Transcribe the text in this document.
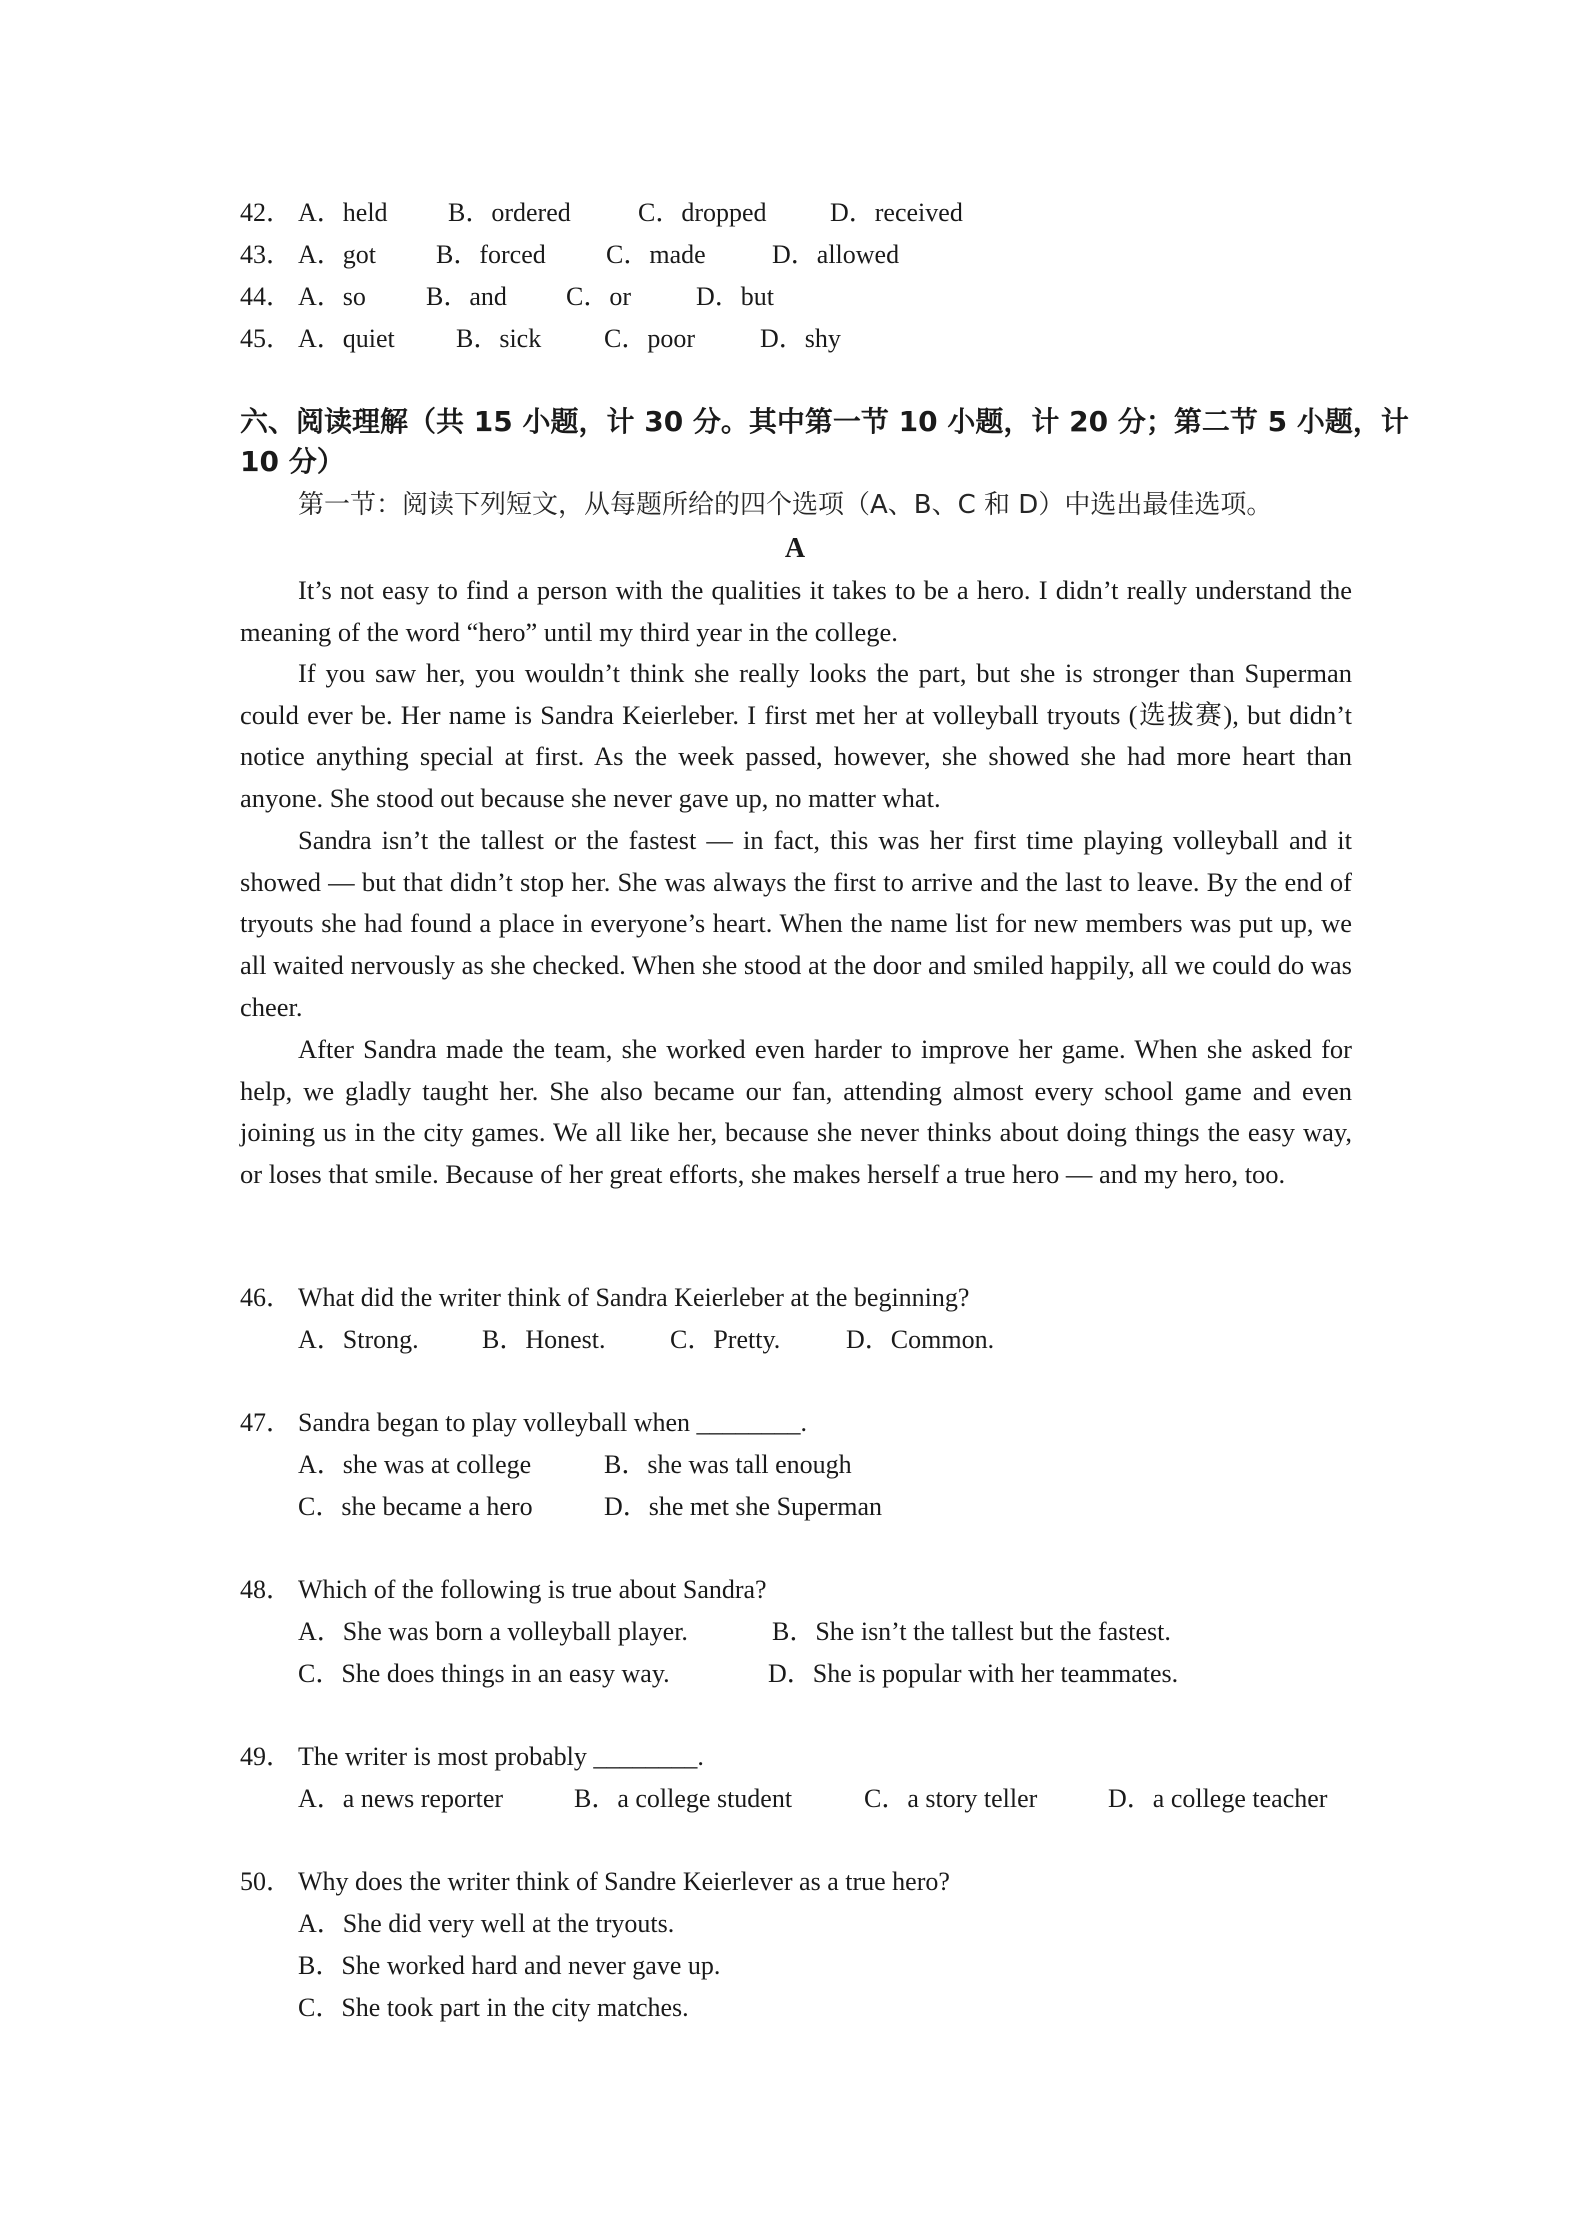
42． A．held B．ordered	C．dropped D．received
43． A．got B．forced C．made	D．allowed
44． A．so B．and C．or D．but
45． A．quiet B．sick C．poor D．shy
六、阅读理解（共 15 小题，计 30 分。其中第一节 10 小题，计 20 分；第二节 5 小题，计
10 分）
第一节：阅读下列短文，从每题所给的四个选项（A、B、C 和 D）中选出最佳选项。
A

It’s not easy to find a person with the qualities it takes to be a hero. I didn’t really understand the meaning of the word “hero” until my third year in the college.

If you saw her, you wouldn’t think she really looks the part, but she is stronger than Superman could ever be. Her name is Sandra Keierleber. I first met her at volleyball tryouts (选拔赛), but didn’t notice anything special at first. As the week passed, however, she showed she had more heart than anyone. She stood out because she never gave up, no matter what.

Sandra isn’t the tallest or the fastest — in fact, this was her first time playing volleyball and it showed — but that didn’t stop her. She was always the first to arrive and the last to leave. By the end of tryouts she had found a place in everyone’s heart. When the name list for new members was put up, we all waited nervously as she checked. When she stood at the door and smiled happily, all we could do was cheer.

After Sandra made the team, she worked even harder to improve her game. When she asked for help, we gladly taught her. She also became our fan, attending almost every school game and even joining us in the city games. We all like her, because she never thinks about doing things the easy way, or loses that smile. Because of her great efforts, she makes herself a true hero — and my hero, too.

46． What did the writer think of Sandra Keierleber at the beginning?
A．Strong. B．Honest. C．Pretty.	D．Common.
47． Sandra began to play volleyball when ________.
A．she was at college	B．she was tall enough
C．she became a hero	D．she met she Superman
48． Which of the following is true about Sandra?
A．She was born a volleyball player.	B．She isn’t the tallest but the fastest.
C．She does things in an easy way.	D．She is popular with her teammates.
49． The writer is most probably ________.
A．a news reporter	B．a college student	C．a story teller	D．a college teacher
50． Why does the writer think of Sandre Keierlever as a true hero?
A．She did very well at the tryouts.
B．She worked hard and never gave up.
C．She took part in the city matches.
